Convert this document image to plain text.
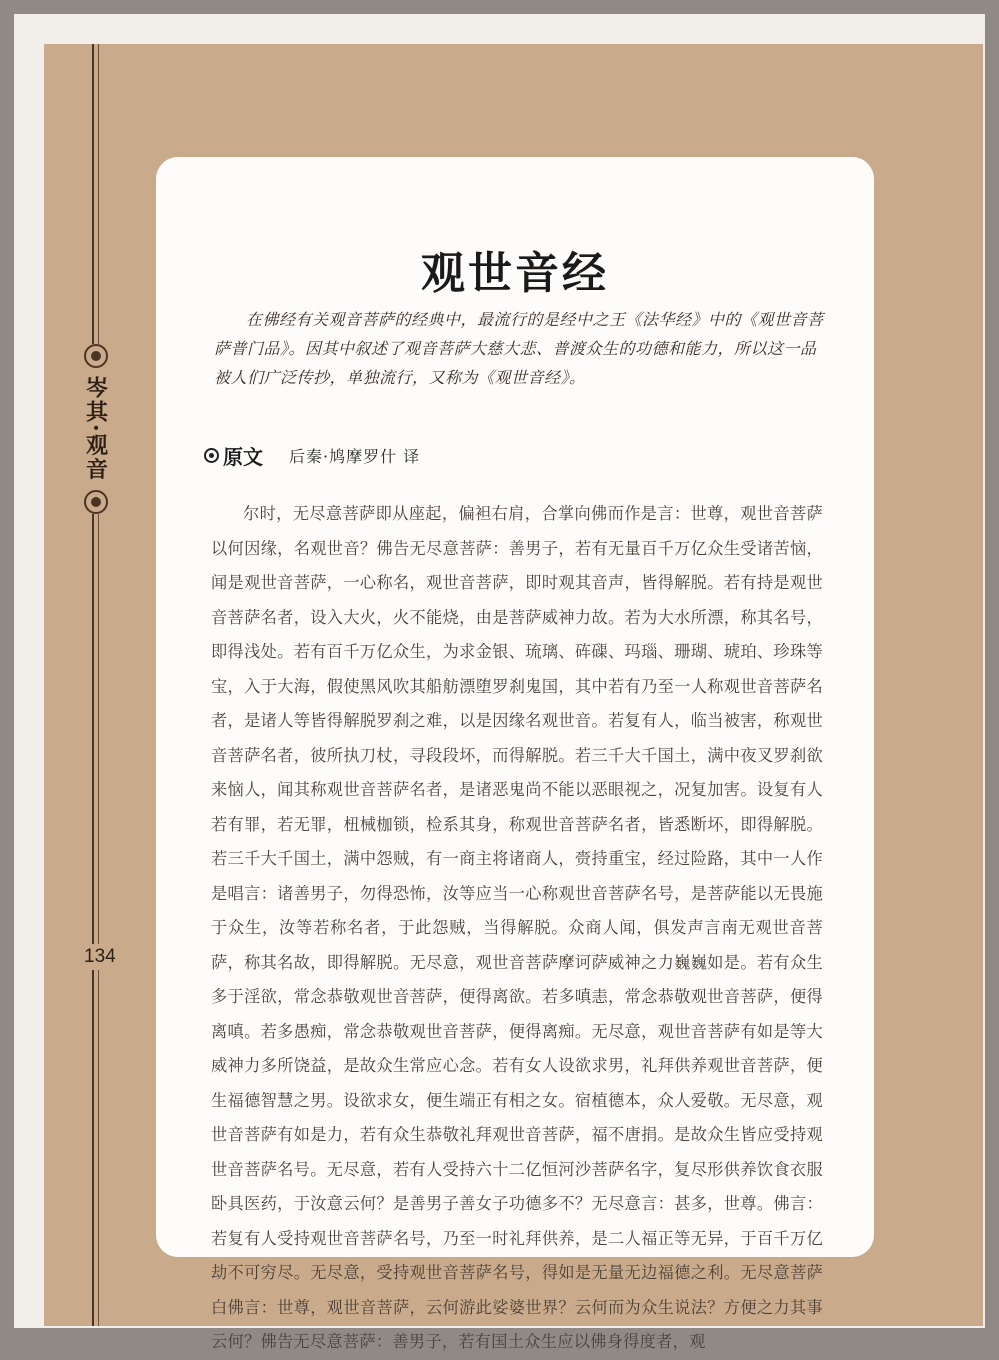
岑其·观音
134
观世音经
在佛经有关观音菩萨的经典中，最流行的是经中之王《法华经》中的《观世音菩萨普门品》。因其中叙述了观音菩萨大慈大悲、普渡众生的功德和能力，所以这一品被人们广泛传抄，单独流行，又称为《观世音经》。
原文 后秦·鸠摩罗什 译
尔时，无尽意菩萨即从座起，偏袒右肩，合掌向佛而作是言：世尊，观世音菩萨以何因缘，名观世音？佛告无尽意菩萨：善男子，若有无量百千万亿众生受诸苦恼，闻是观世音菩萨，一心称名，观世音菩萨，即时观其音声，皆得解脱。若有持是观世音菩萨名者，设入大火，火不能烧，由是菩萨威神力故。若为大水所漂，称其名号，即得浅处。若有百千万亿众生，为求金银、琉璃、砗磲、玛瑙、珊瑚、琥珀、珍珠等宝，入于大海，假使黑风吹其船舫漂堕罗刹鬼国，其中若有乃至一人称观世音菩萨名者，是诸人等皆得解脱罗刹之难，以是因缘名观世音。若复有人，临当被害，称观世音菩萨名者，彼所执刀杖，寻段段坏，而得解脱。若三千大千国土，满中夜叉罗刹欲来恼人，闻其称观世音菩萨名者，是诸恶鬼尚不能以恶眼视之，况复加害。设复有人若有罪，若无罪，杻械枷锁，检系其身，称观世音菩萨名者，皆悉断坏，即得解脱。若三千大千国土，满中怨贼，有一商主将诸商人，赍持重宝，经过险路，其中一人作是唱言：诸善男子，勿得恐怖，汝等应当一心称观世音菩萨名号，是菩萨能以无畏施于众生，汝等若称名者，于此怨贼，当得解脱。众商人闻，俱发声言南无观世音菩萨，称其名故，即得解脱。无尽意，观世音菩萨摩诃萨威神之力巍巍如是。若有众生多于淫欲，常念恭敬观世音菩萨，便得离欲。若多嗔恚，常念恭敬观世音菩萨，便得离嗔。若多愚痴，常念恭敬观世音菩萨，便得离痴。无尽意，观世音菩萨有如是等大威神力多所饶益，是故众生常应心念。若有女人设欲求男，礼拜供养观世音菩萨，便生福德智慧之男。设欲求女，便生端正有相之女。宿植德本，众人爱敬。无尽意，观世音菩萨有如是力，若有众生恭敬礼拜观世音菩萨，福不唐捐。是故众生皆应受持观世音菩萨名号。无尽意，若有人受持六十二亿恒河沙菩萨名字，复尽形供养饮食衣服卧具医药，于汝意云何？是善男子善女子功德多不？无尽意言：甚多，世尊。佛言：若复有人受持观世音菩萨名号，乃至一时礼拜供养，是二人福正等无异，于百千万亿劫不可穷尽。无尽意，受持观世音菩萨名号，得如是无量无边福德之利。无尽意菩萨白佛言：世尊，观世音菩萨，云何游此娑婆世界？云何而为众生说法？方便之力其事云何？佛告无尽意菩萨：善男子，若有国土众生应以佛身得度者，观
